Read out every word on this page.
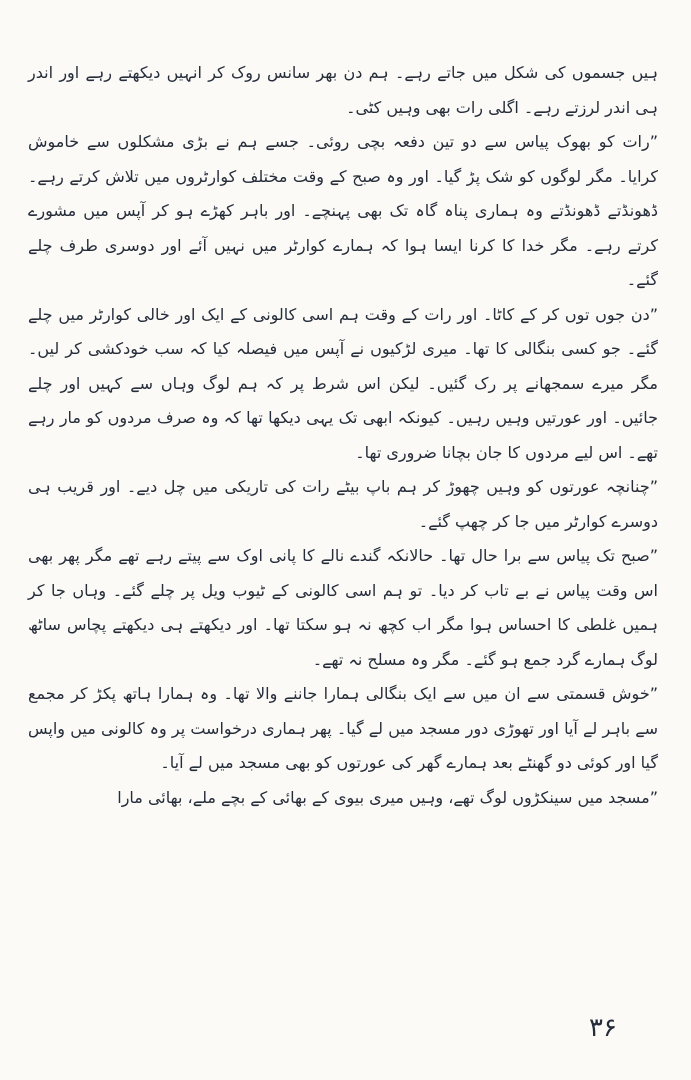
ہیں جسموں کی شکل میں جاتے رہے۔ ہم دن بھر سانس روک کر انہیں دیکھتے رہے اور اندر ہی اندر لرزتے رہے۔ اگلی رات بھی وہیں کٹی۔

”رات کو بھوک پیاس سے دو تین دفعہ بچی روئی۔ جسے ہم نے بڑی مشکلوں سے خاموش کرایا۔ مگر لوگوں کو شک پڑ گیا۔ اور وہ صبح کے وقت مختلف کوارٹروں میں تلاش کرتے رہے۔ ڈھونڈتے ڈھونڈتے وہ ہماری پناہ گاہ تک بھی پہنچے۔ اور باہر کھڑے ہو کر آپس میں مشورے کرتے رہے۔ مگر خدا کا کرنا ایسا ہوا کہ ہمارے کوارٹر میں نہیں آئے اور دوسری طرف چلے گئے۔

”دن جوں توں کر کے کاٹا۔ اور رات کے وقت ہم اسی کالونی کے ایک اور خالی کوارٹر میں چلے گئے۔ جو کسی بنگالی کا تھا۔ میری لڑکیوں نے آپس میں فیصلہ کیا کہ سب خودکشی کر لیں۔ مگر میرے سمجھانے پر رک گئیں۔ لیکن اس شرط پر کہ ہم لوگ وہاں سے کہیں اور چلے جائیں۔ اور عورتیں وہیں رہیں۔ کیونکہ ابھی تک یہی دیکھا تھا کہ وہ صرف مردوں کو مار رہے تھے۔ اس لیے مردوں کا جان بچانا ضروری تھا۔

”چنانچہ عورتوں کو وہیں چھوڑ کر ہم باپ بیٹے رات کی تاریکی میں چل دیے۔ اور قریب ہی دوسرے کوارٹر میں جا کر چھپ گئے۔

”صبح تک پیاس سے برا حال تھا۔ حالانکہ گندے نالے کا پانی اوک سے پیتے رہے تھے مگر پھر بھی اس وقت پیاس نے بے تاب کر دیا۔ تو ہم اسی کالونی کے ٹیوب ویل پر چلے گئے۔ وہاں جا کر ہمیں غلطی کا احساس ہوا مگر اب کچھ نہ ہو سکتا تھا۔ اور دیکھتے ہی دیکھتے پچاس ساٹھ لوگ ہمارے گرد جمع ہو گئے۔ مگر وہ مسلح نہ تھے۔

”خوش قسمتی سے ان میں سے ایک بنگالی ہمارا جاننے والا تھا۔ وہ ہمارا ہاتھ پکڑ کر مجمع سے باہر لے آیا اور تھوڑی دور مسجد میں لے گیا۔ پھر ہماری درخواست پر وہ کالونی میں واپس گیا اور کوئی دو گھنٹے بعد ہمارے گھر کی عورتوں کو بھی مسجد میں لے آیا۔

”مسجد میں سینکڑوں لوگ تھے، وہیں میری بیوی کے بھائی کے بچے ملے، بھائی مارا

۳۶
